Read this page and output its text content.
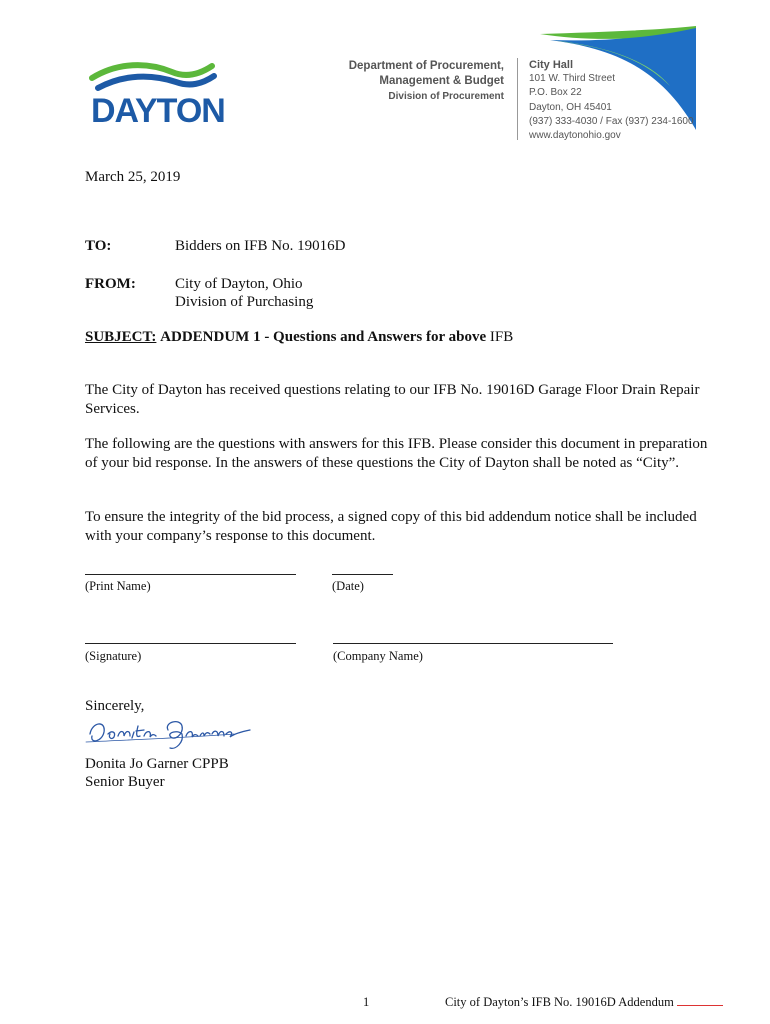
DAYTON
Department of Procurement,
Management & Budget
Division of Procurement
City Hall
101 W. Third Street
P.O. Box 22
Dayton, OH 45401
(937) 333-4030 / Fax (937) 234-1600
www.daytonohio.gov
March 25, 2019
TO:	Bidders on IFB No. 19016D
FROM:	City of Dayton, Ohio
Division of Purchasing
SUBJECT: ADDENDUM 1 - Questions and Answers for above IFB
The City of Dayton has received questions relating to our IFB No. 19016D Garage Floor Drain Repair Services.
The following are the questions with answers for this IFB. Please consider this document in preparation of your bid response. In the answers of these questions the City of Dayton shall be noted as “City”.
To ensure the integrity of the bid process, a signed copy of this bid addendum notice shall be included with your company’s response to this document.
(Print Name)	(Date)
(Signature)	(Company Name)
Sincerely,
Donita Jo Garner CPPB
Senior Buyer
1	City of Dayton’s IFB No. 19016D Addendum
